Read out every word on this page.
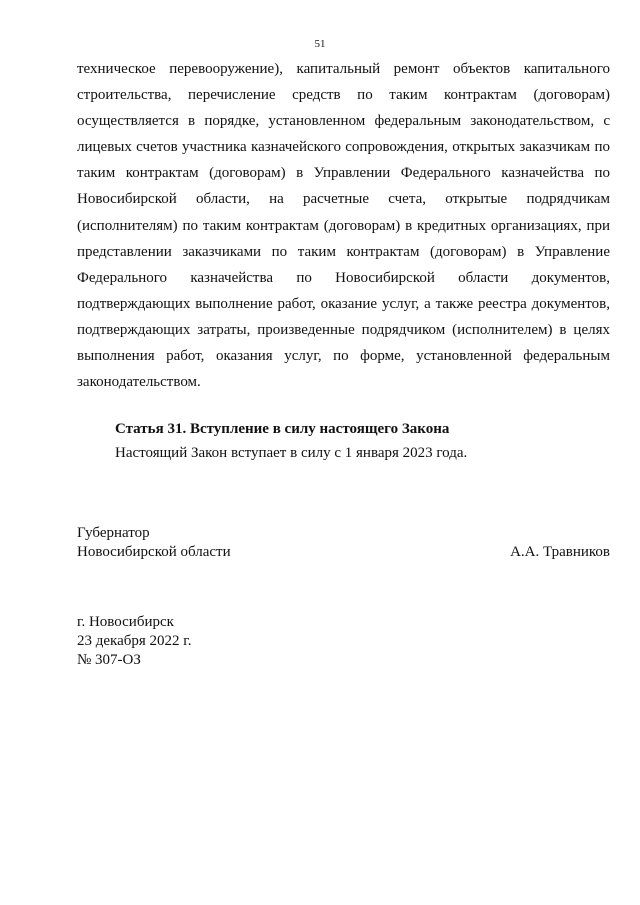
51

техническое перевооружение), капитальный ремонт объектов капитального строительства, перечисление средств по таким контрактам (договорам) осуществляется в порядке, установленном федеральным законодательством, с лицевых счетов участника казначейского сопровождения, открытых заказчикам по таким контрактам (договорам) в Управлении Федерального казначейства по Новосибирской области, на расчетные счета, открытые подрядчикам (исполнителям) по таким контрактам (договорам) в кредитных организациях, при представлении заказчиками по таким контрактам (договорам) в Управление Федерального казначейства по Новосибирской области документов, подтверждающих выполнение работ, оказание услуг, а также реестра документов, подтверждающих затраты, произведенные подрядчиком (исполнителем) в целях выполнения работ, оказания услуг, по форме, установленной федеральным законодательством.

Статья 31. Вступление в силу настоящего Закона

Настоящий Закон вступает в силу с 1 января 2023 года.

Губернатор
Новосибирской области	А.А. Травников
г. Новосибирск
23 декабря 2022 г.
№ 307-ОЗ
